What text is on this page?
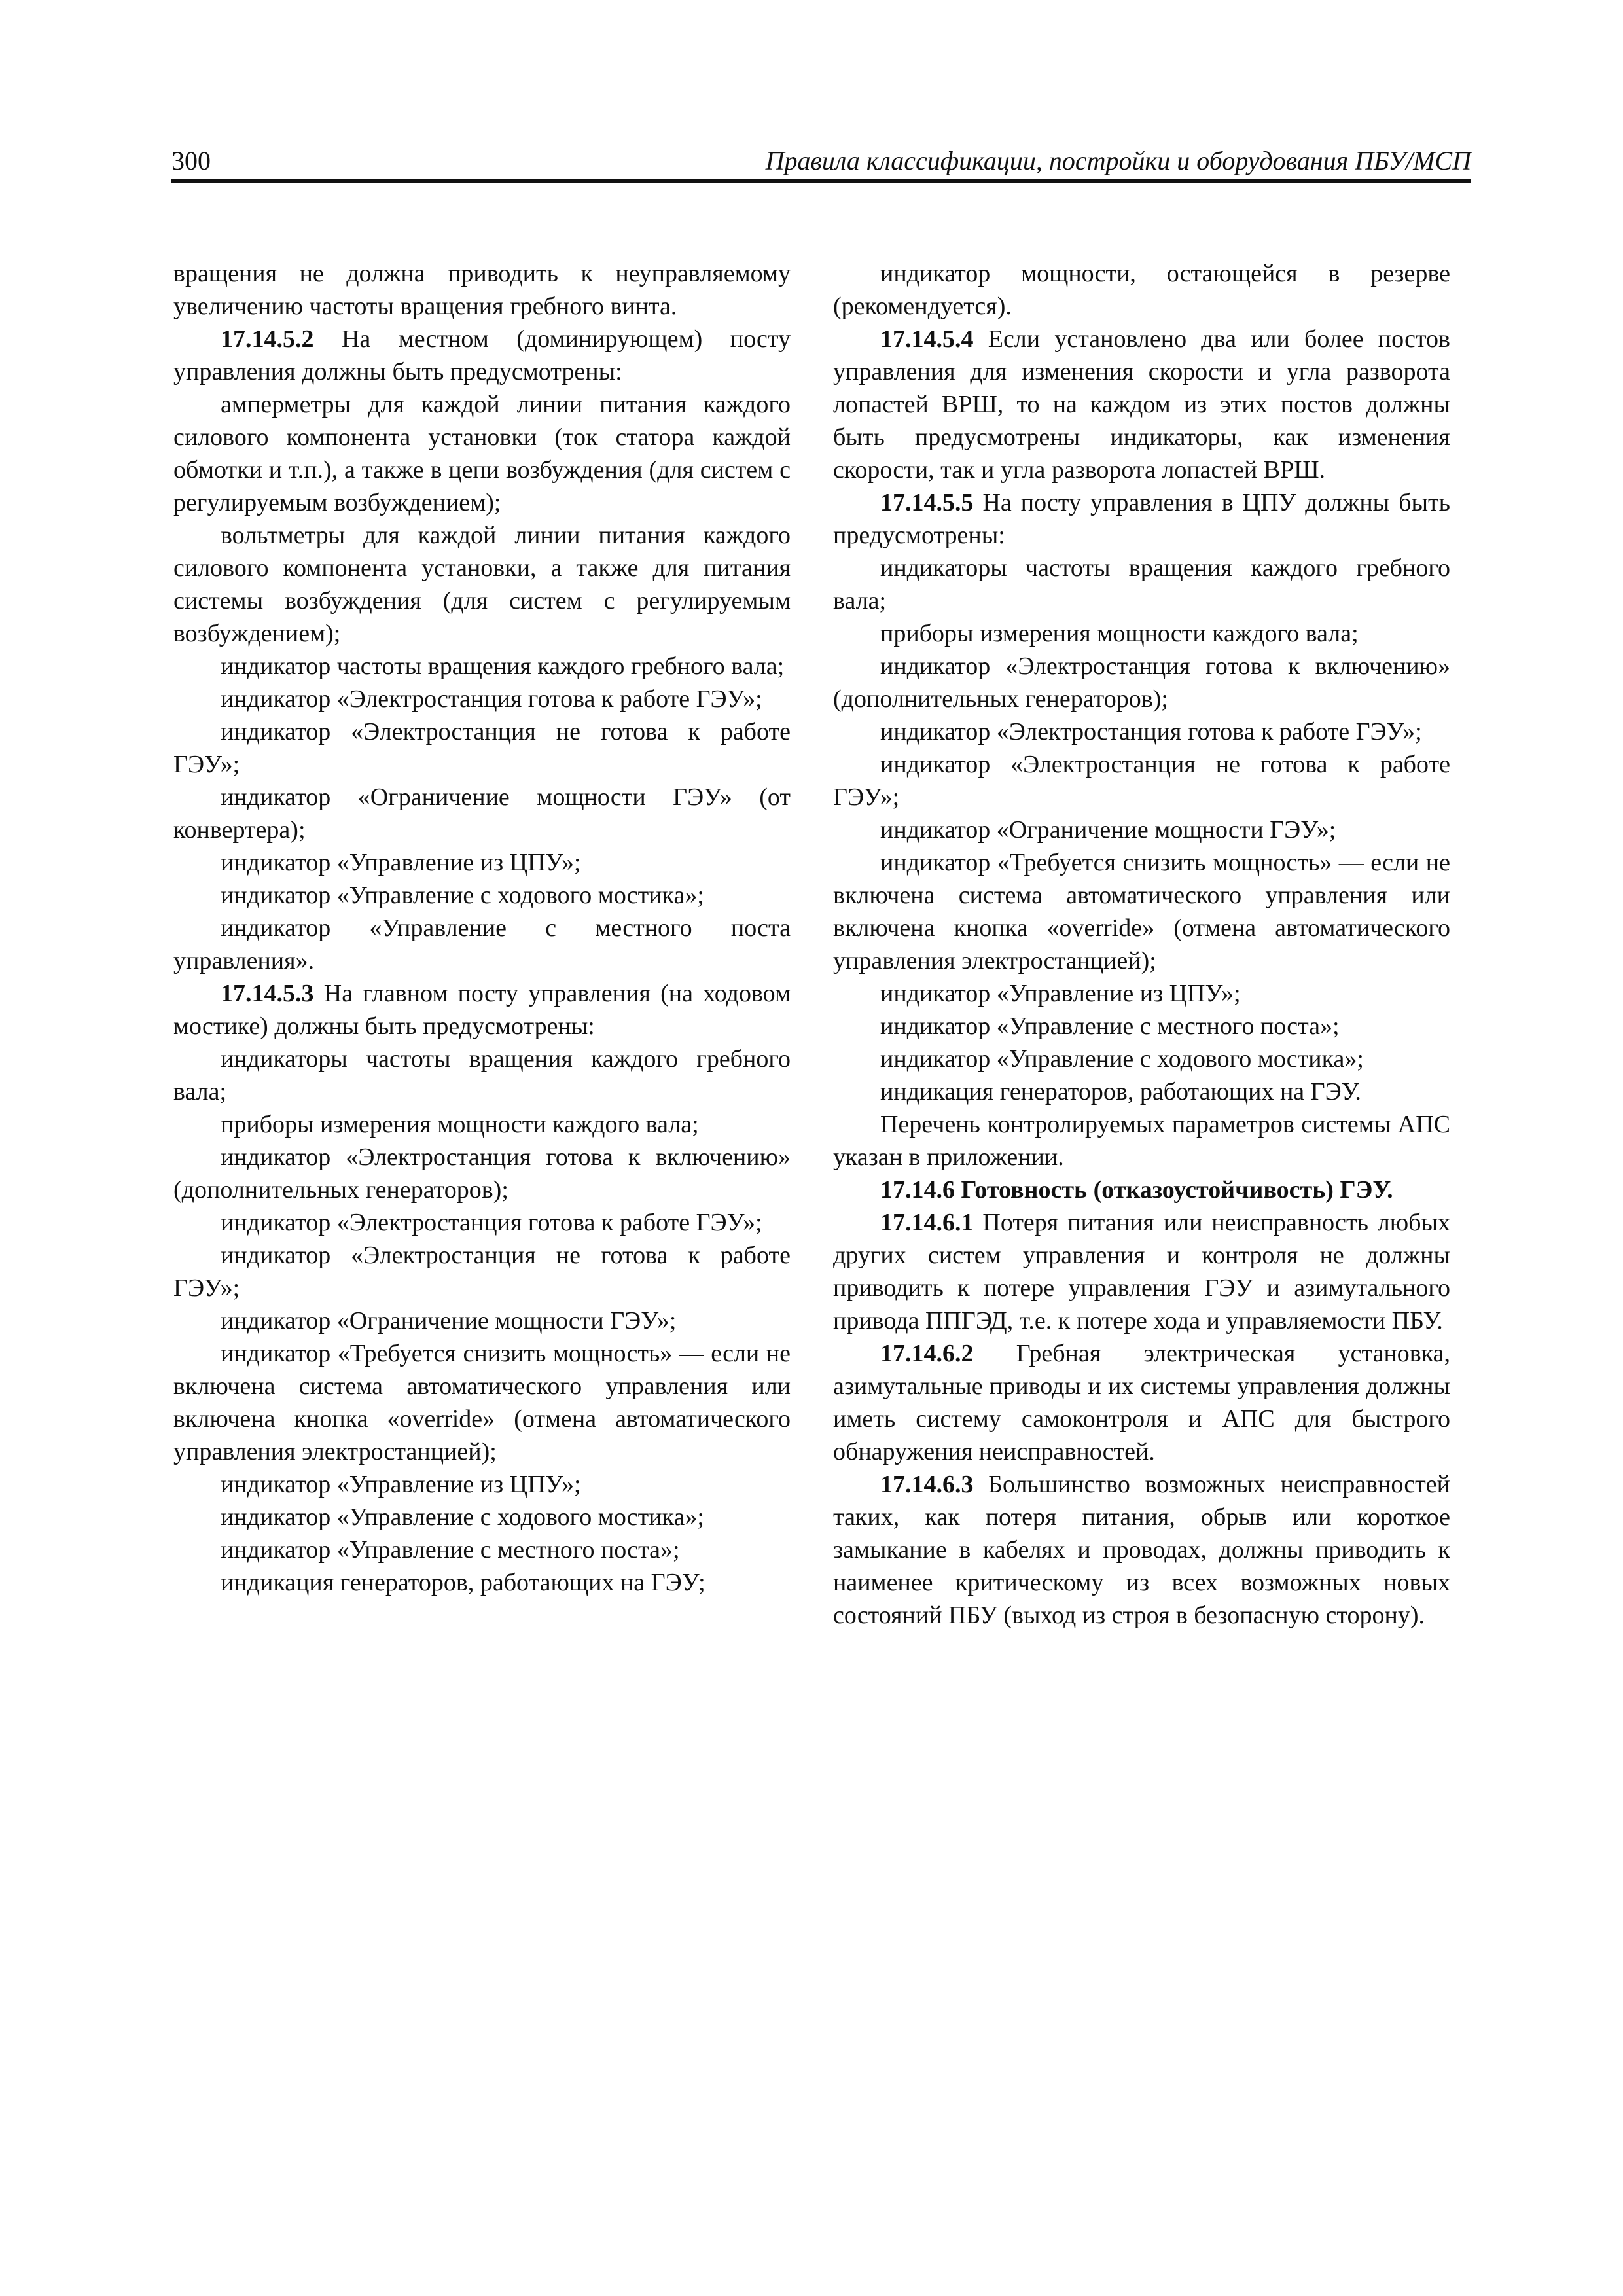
300	Правила классификации, постройки и оборудования ПБУ/МСП

вращения не должна приводить к неуправляемому увеличению частоты вращения гребного винта.

17.14.5.2 На местном (доминирующем) посту управления должны быть предусмотрены:

амперметры для каждой линии питания каждого силового компонента установки (ток статора каждой обмотки и т.п.), а также в цепи возбуждения (для систем с регулируемым возбуждением);

вольтметры для каждой линии питания каждого силового компонента установки, а также для питания системы возбуждения (для систем с регулируемым возбуждением);

индикатор частоты вращения каждого гребного вала;

индикатор «Электростанция готова к работе ГЭУ»;

индикатор «Электростанция не готова к работе ГЭУ»;

индикатор «Ограничение мощности ГЭУ» (от конвертера);

индикатор «Управление из ЦПУ»;

индикатор «Управление с ходового мостика»;

индикатор «Управление с местного поста управления».

17.14.5.3 На главном посту управления (на ходовом мостике) должны быть предусмотрены:

индикаторы частоты вращения каждого гребного вала;

приборы измерения мощности каждого вала;

индикатор «Электростанция готова к включению» (дополнительных генераторов);

индикатор «Электростанция готова к работе ГЭУ»;

индикатор «Электростанция не готова к работе ГЭУ»;

индикатор «Ограничение мощности ГЭУ»;

индикатор «Требуется снизить мощность» — если не включена система автоматического управления или включена кнопка «override» (отмена автоматического управления электростанцией);

индикатор «Управление из ЦПУ»;

индикатор «Управление с ходового мостика»;

индикатор «Управление с местного поста»;

индикация генераторов, работающих на ГЭУ;

индикатор мощности, остающейся в резерве (рекомендуется).

17.14.5.4 Если установлено два или более постов управления для изменения скорости и угла разворота лопастей ВРШ, то на каждом из этих постов должны быть предусмотрены индикаторы, как изменения скорости, так и угла разворота лопастей ВРШ.

17.14.5.5 На посту управления в ЦПУ должны быть предусмотрены:

индикаторы частоты вращения каждого гребного вала;

приборы измерения мощности каждого вала;

индикатор «Электростанция готова к включению» (дополнительных генераторов);

индикатор «Электростанция готова к работе ГЭУ»;

индикатор «Электростанция не готова к работе ГЭУ»;

индикатор «Ограничение мощности ГЭУ»;

индикатор «Требуется снизить мощность» — если не включена система автоматического управления или включена кнопка «override» (отмена автоматического управления электростанцией);

индикатор «Управление из ЦПУ»;

индикатор «Управление с местного поста»;

индикатор «Управление с ходового мостика»;

индикация генераторов, работающих на ГЭУ.

Перечень контролируемых параметров системы АПС указан в приложении.

17.14.6 Готовность (отказоустойчивость) ГЭУ.

17.14.6.1 Потеря питания или неисправность любых других систем управления и контроля не должны приводить к потере управления ГЭУ и азимутального привода ППГЭД, т.е. к потере хода и управляемости ПБУ.

17.14.6.2 Гребная электрическая установка, азимутальные приводы и их системы управления должны иметь систему самоконтроля и АПС для быстрого обнаружения неисправностей.

17.14.6.3 Большинство возможных неисправностей таких, как потеря питания, обрыв или короткое замыкание в кабелях и проводах, должны приводить к наименее критическому из всех возможных новых состояний ПБУ (выход из строя в безопасную сторону).
